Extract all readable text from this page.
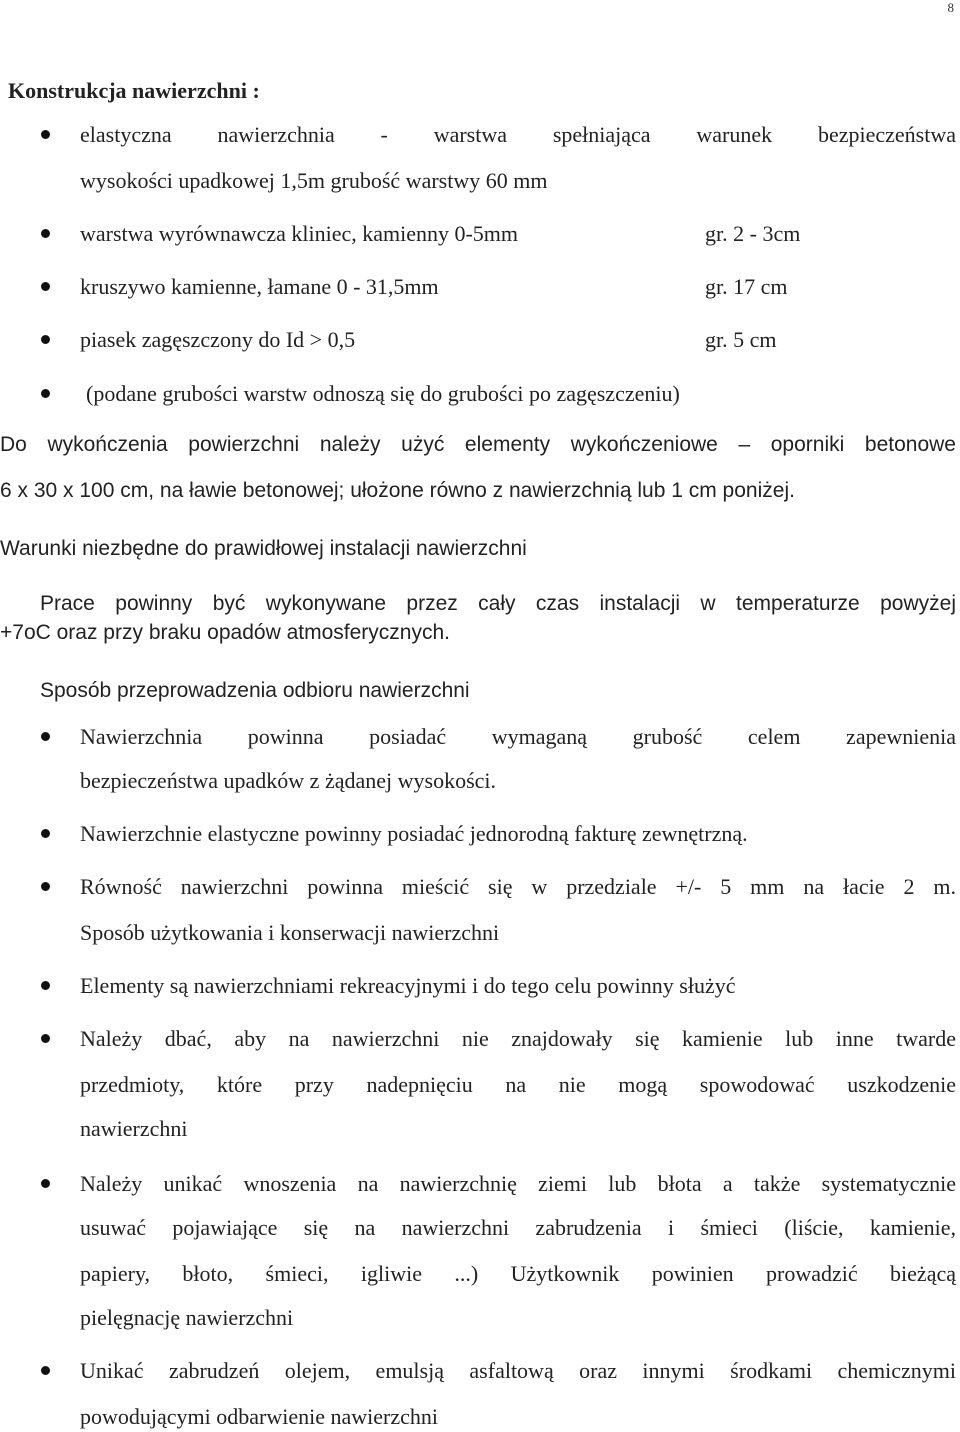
8
Konstrukcja nawierzchni :
elastyczna nawierzchnia - warstwa spełniająca warunek bezpieczeństwa
wysokości upadkowej 1,5m grubość warstwy 60 mm
warstwa wyrównawcza kliniec, kamienny 0-5mm	gr. 2 - 3cm
kruszywo kamienne, łamane 0 - 31,5mm	gr. 17 cm
piasek zagęszczony do Id > 0,5	gr. 5 cm
(podane grubości warstw odnoszą się do grubości po zagęszczeniu)
Do wykończenia powierzchni należy użyć elementy wykończeniowe – oporniki betonowe
6 x 30 x 100 cm, na ławie betonowej; ułożone równo z nawierzchnią lub 1 cm poniżej.
Warunki niezbędne do prawidłowej instalacji nawierzchni
Prace powinny być wykonywane przez cały czas instalacji w temperaturze powyżej
+7oC oraz przy braku opadów atmosferycznych.
Sposób przeprowadzenia odbioru nawierzchni
Nawierzchnia powinna posiadać wymaganą grubość celem zapewnienia
bezpieczeństwa upadków z żądanej wysokości.
Nawierzchnie elastyczne powinny posiadać jednorodną fakturę zewnętrzną.
Równość nawierzchni powinna mieścić się w przedziale +/- 5 mm na łacie 2 m.
Sposób użytkowania i konserwacji nawierzchni
Elementy są nawierzchniami rekreacyjnymi i do tego celu powinny służyć
Należy dbać, aby na nawierzchni nie znajdowały się kamienie lub inne twarde
przedmioty, które przy nadepnięciu na nie mogą spowodować uszkodzenie
nawierzchni
Należy unikać wnoszenia na nawierzchnię ziemi lub błota a także systematycznie
usuwać pojawiające się na nawierzchni zabrudzenia i śmieci (liście, kamienie,
papiery, błoto, śmieci, igliwie ...) Użytkownik powinien prowadzić bieżącą
pielęgnację nawierzchni
Unikać zabrudzeń olejem, emulsją asfaltową oraz innymi środkami chemicznymi
powodującymi odbarwienie nawierzchni
